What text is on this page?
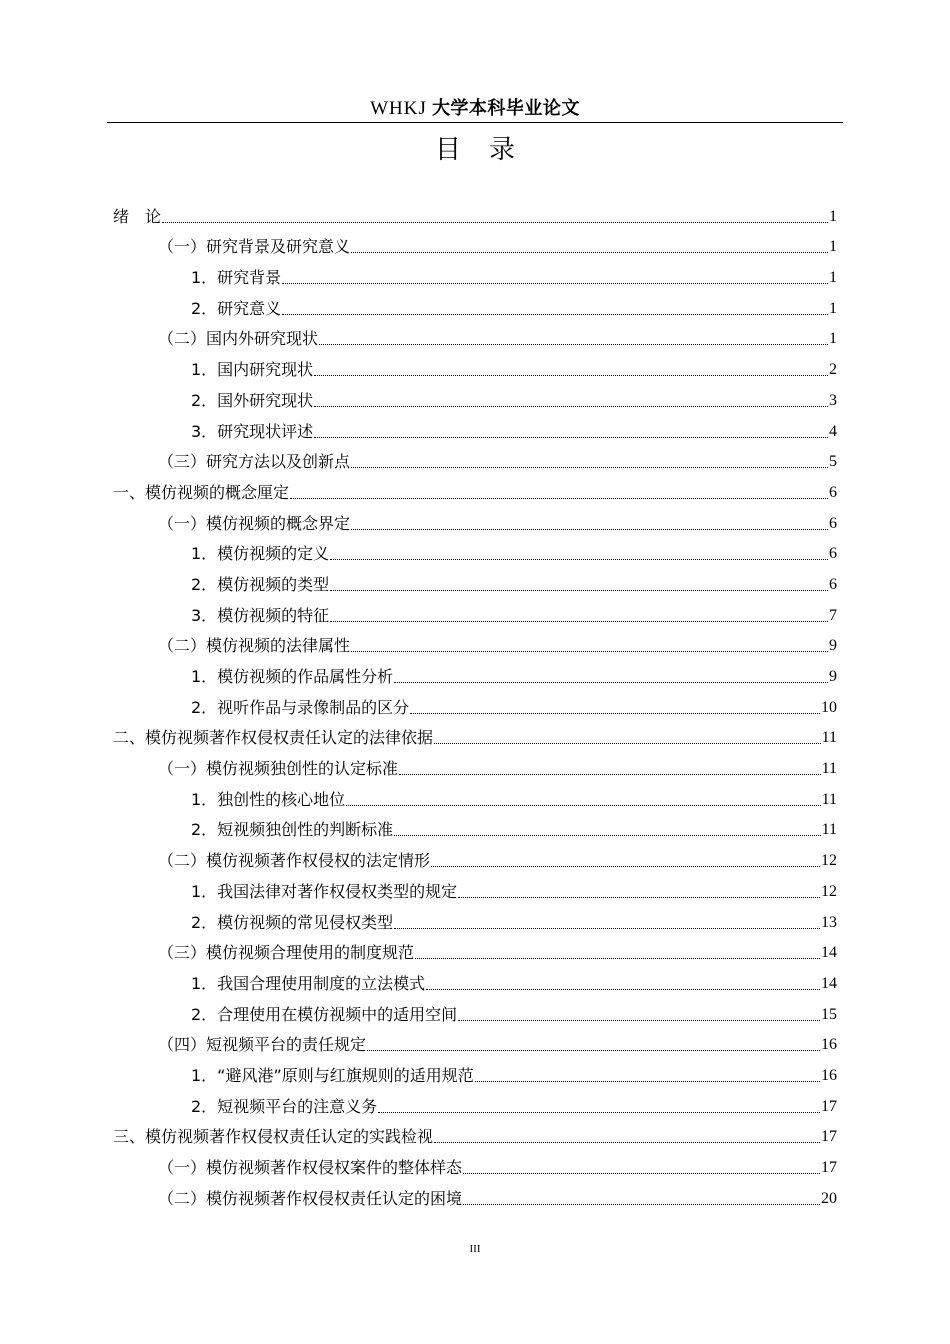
WHKJ 大学本科毕业论文
目录
绪　论	1
（一）研究背景及研究意义	1
1．研究背景	1
2．研究意义	1
（二）国内外研究现状	1
1．国内研究现状	2
2．国外研究现状	3
3．研究现状评述	4
（三）研究方法以及创新点	5
一、模仿视频的概念厘定	6
（一）模仿视频的概念界定	6
1．模仿视频的定义	6
2．模仿视频的类型	6
3．模仿视频的特征	7
（二）模仿视频的法律属性	9
1．模仿视频的作品属性分析	9
2．视听作品与录像制品的区分	10
二、模仿视频著作权侵权责任认定的法律依据	11
（一）模仿视频独创性的认定标准	11
1．独创性的核心地位	11
2．短视频独创性的判断标准	11
（二）模仿视频著作权侵权的法定情形	12
1．我国法律对著作权侵权类型的规定	12
2．模仿视频的常见侵权类型	13
（三）模仿视频合理使用的制度规范	14
1．我国合理使用制度的立法模式	14
2．合理使用在模仿视频中的适用空间	15
（四）短视频平台的责任规定	16
1．“避风港”原则与红旗规则的适用规范	16
2．短视频平台的注意义务	17
三、模仿视频著作权侵权责任认定的实践检视	17
（一）模仿视频著作权侵权案件的整体样态	17
（二）模仿视频著作权侵权责任认定的困境	20
III
